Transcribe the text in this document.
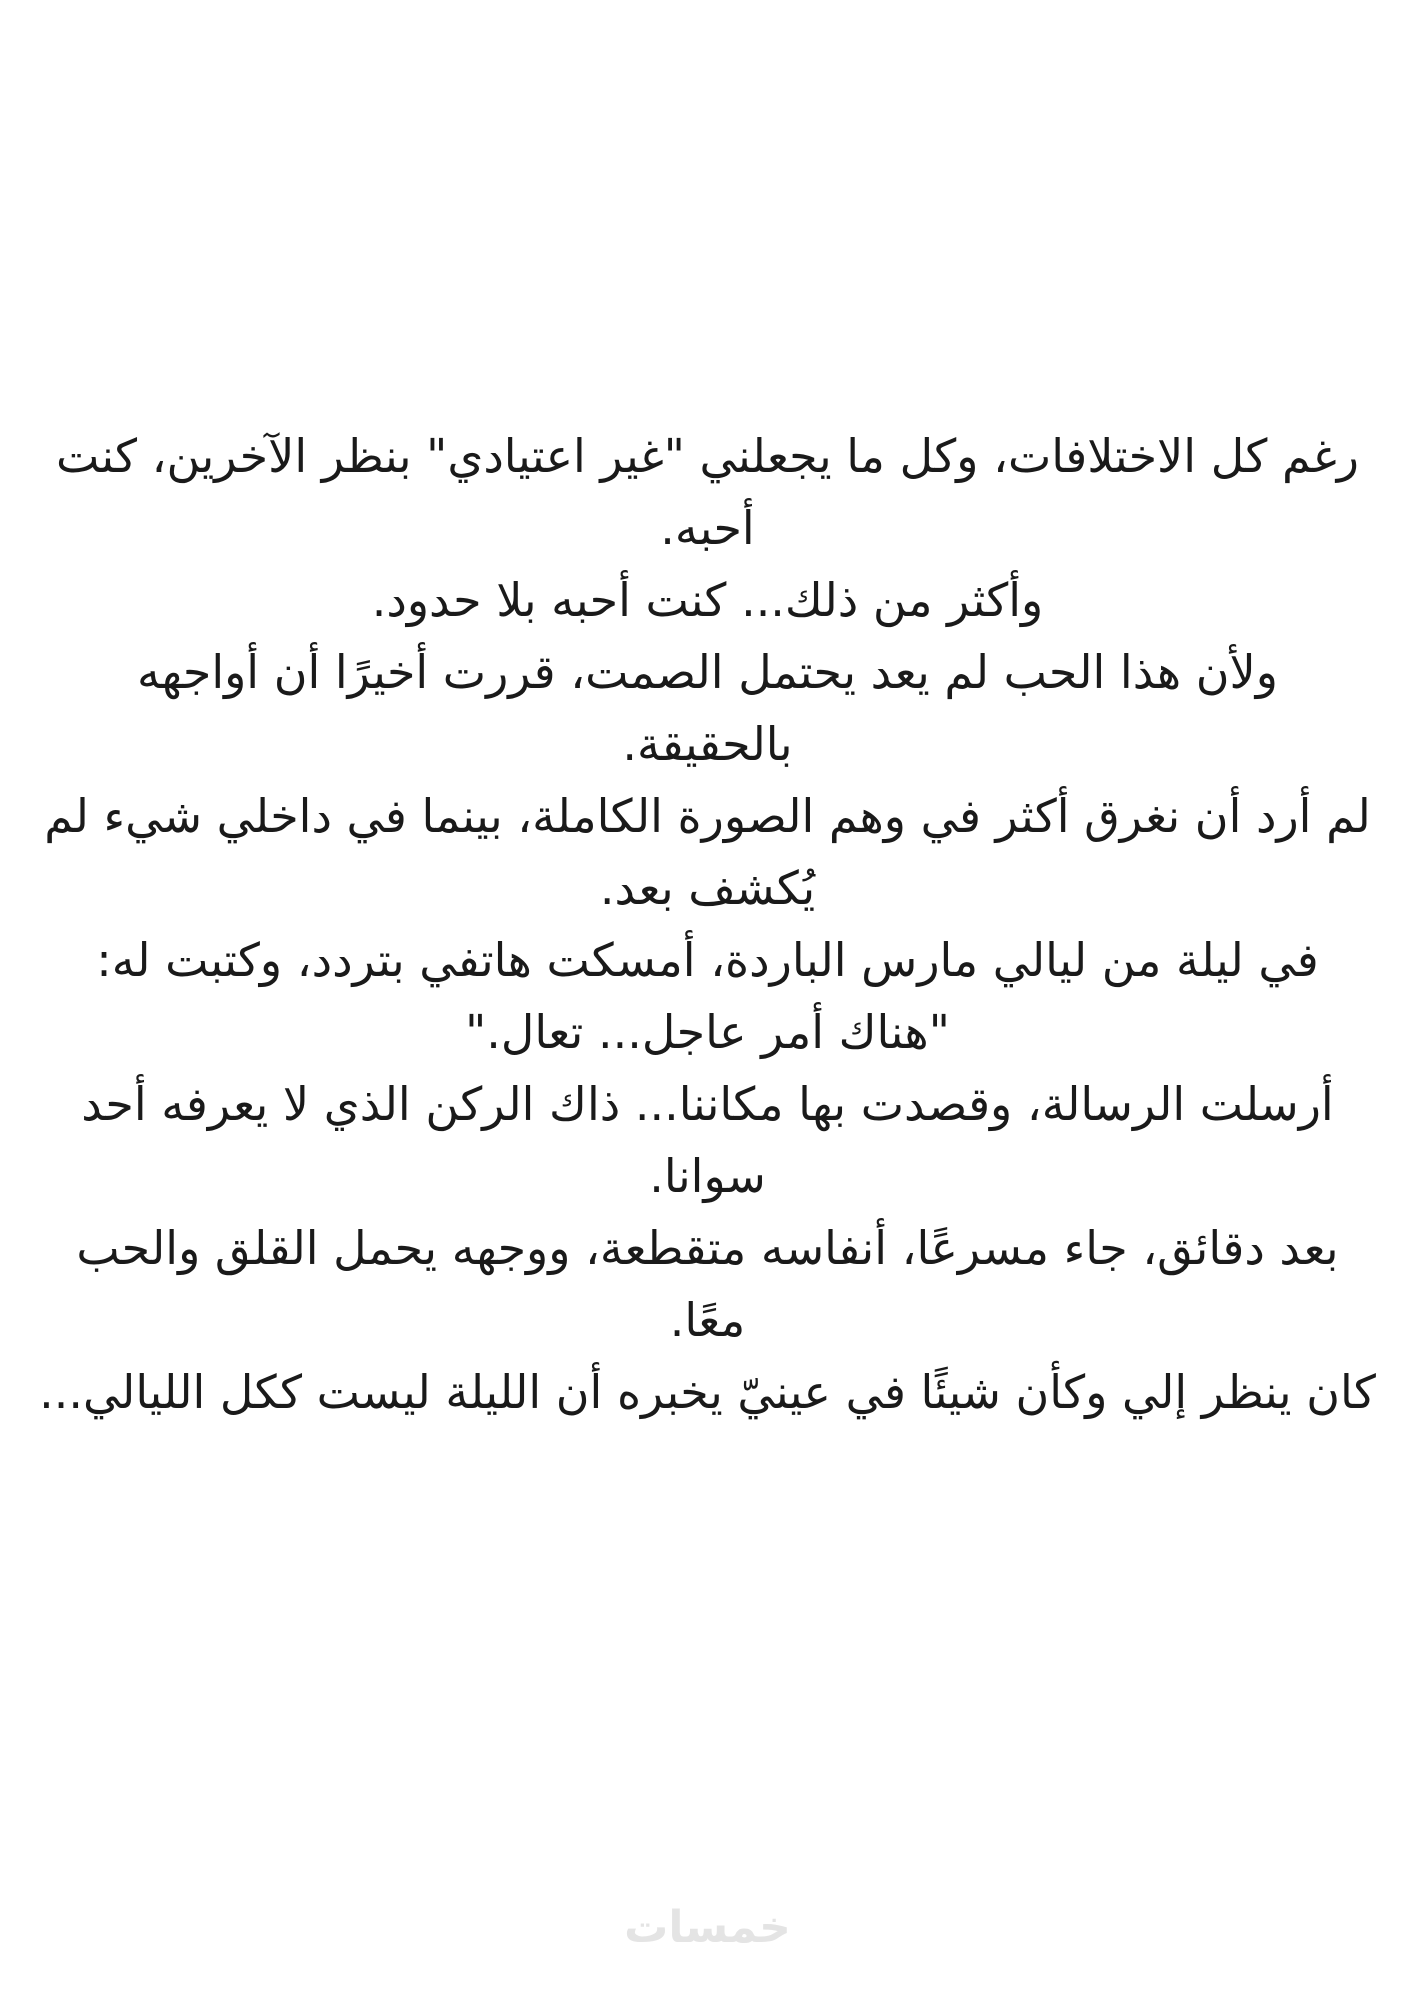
رغم كل الاختلافات، وكل ما يجعلني "غير اعتيادي" بنظر الآخرين، كنت

أحبه.

وأكثر من ذلك... كنت أحبه بلا حدود.

ولأن هذا الحب لم يعد يحتمل الصمت، قررت أخيرًا أن أواجهه

بالحقيقة.

لم أرد أن نغرق أكثر في وهم الصورة الكاملة، بينما في داخلي شيء لم

يُكشف بعد.

في ليلة من ليالي مارس الباردة، أمسكت هاتفي بتردد، وكتبت له:

"هناك أمر عاجل... تعال."

أرسلت الرسالة، وقصدت بها مكاننا... ذاك الركن الذي لا يعرفه أحد

سوانا.

بعد دقائق، جاء مسرعًا، أنفاسه متقطعة، ووجهه يحمل القلق والحب

معًا.

كان ينظر إلي وكأن شيئًا في عينيّ يخبره أن الليلة ليست ككل الليالي...

خمسات
